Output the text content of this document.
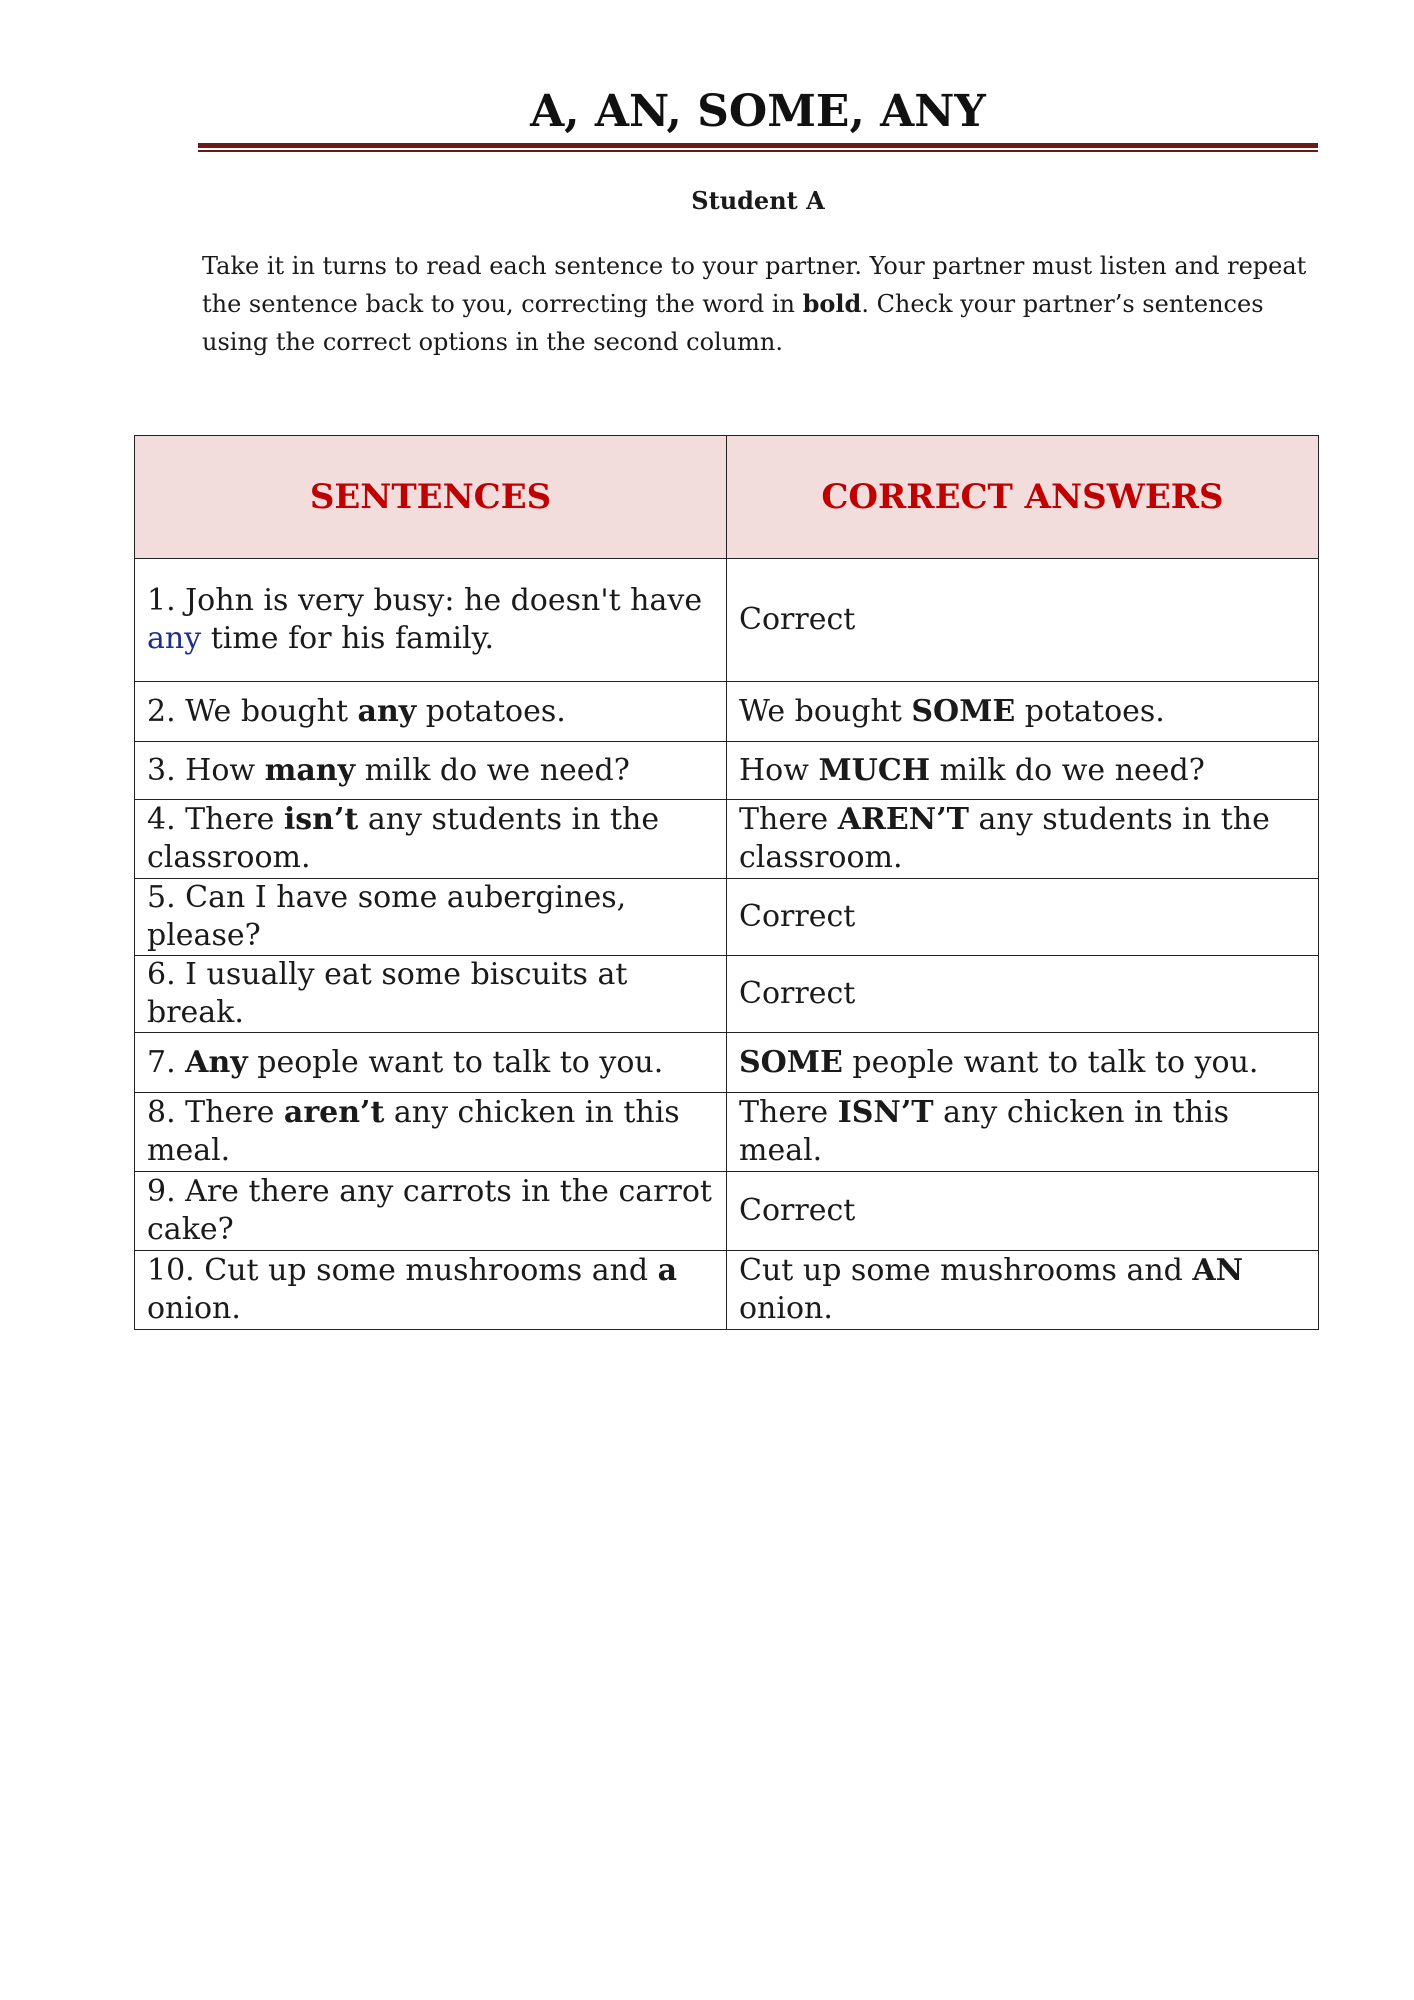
A, AN, SOME, ANY
Student A
Take it in turns to read each sentence to your partner. Your partner must listen and repeat the sentence back to you, correcting the word in bold. Check your partner’s sentences using the correct options in the second column.
SENTENCES	CORRECT ANSWERS
1. John is very busy: he doesn't have any time for his family.	Correct
2. We bought any potatoes.	We bought SOME potatoes.
3. How many milk do we need?	How MUCH milk do we need?
4. There isn’t any students in the classroom.	There AREN’T any students in the classroom.
5. Can I have some aubergines, please?	Correct
6. I usually eat some biscuits at break.	Correct
7. Any people want to talk to you.	SOME people want to talk to you.
8. There aren’t any chicken in this meal.	There ISN’T any chicken in this meal.
9. Are there any carrots in the carrot cake?	Correct
10. Cut up some mushrooms and a onion.	Cut up some mushrooms and AN onion.
